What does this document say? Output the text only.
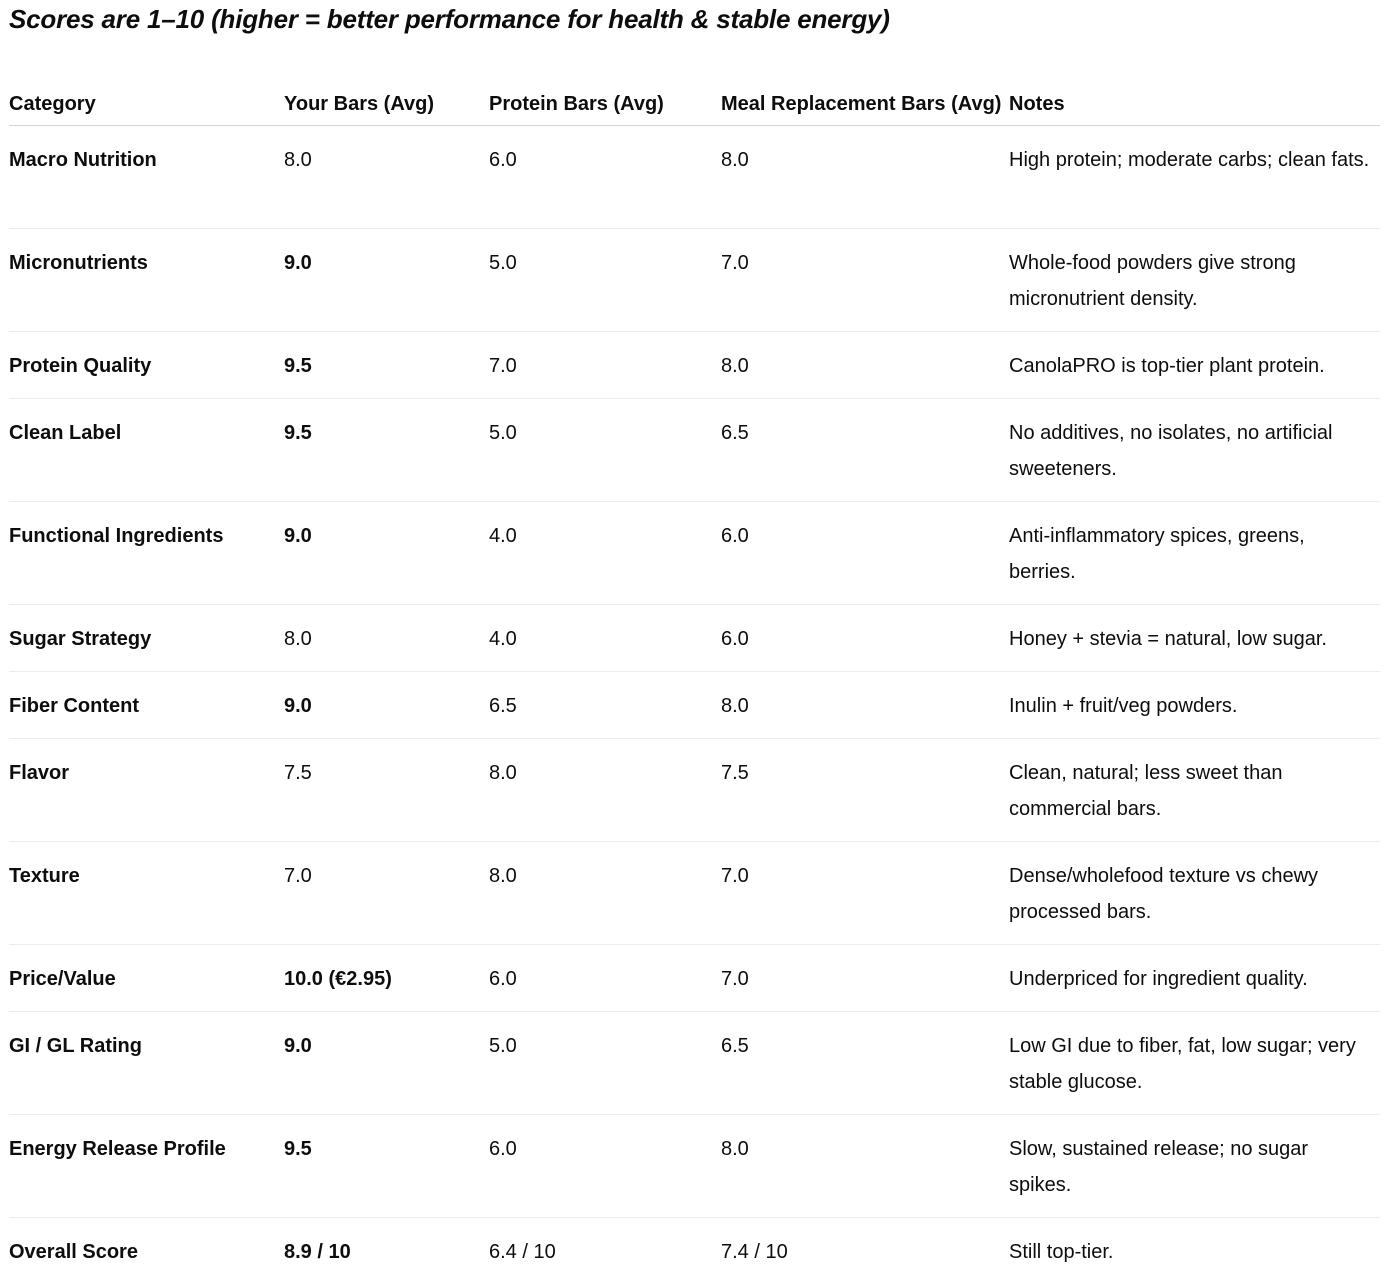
Scores are 1–10 (higher = better performance for health & stable energy)
Category	Your Bars (Avg)	Protein Bars (Avg)	Meal Replacement Bars (Avg)	Notes
Macro Nutrition	8.0	6.0	8.0	High protein; moderate carbs; clean fats.
Micronutrients	9.0	5.0	7.0	Whole-food powders give strong micronutrient density.
Protein Quality	9.5	7.0	8.0	CanolaPRO is top-tier plant protein.
Clean Label	9.5	5.0	6.5	No additives, no isolates, no artificial sweeteners.
Functional Ingredients	9.0	4.0	6.0	Anti-inflammatory spices, greens, berries.
Sugar Strategy	8.0	4.0	6.0	Honey + stevia = natural, low sugar.
Fiber Content	9.0	6.5	8.0	Inulin + fruit/veg powders.
Flavor	7.5	8.0	7.5	Clean, natural; less sweet than commercial bars.
Texture	7.0	8.0	7.0	Dense/wholefood texture vs chewy processed bars.
Price/Value	10.0 (€2.95)	6.0	7.0	Underpriced for ingredient quality.
GI / GL Rating	9.0	5.0	6.5	Low GI due to fiber, fat, low sugar; very stable glucose.
Energy Release Profile	9.5	6.0	8.0	Slow, sustained release; no sugar spikes.
Overall Score	8.9 / 10	6.4 / 10	7.4 / 10	Still top-tier.
